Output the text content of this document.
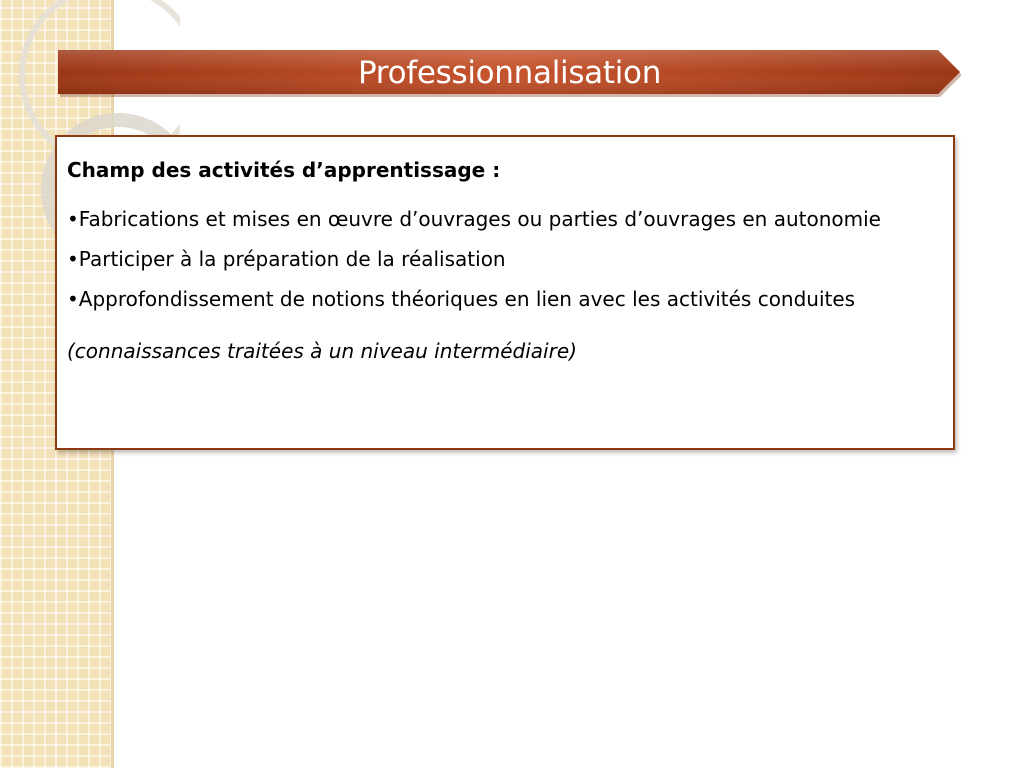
Professionnalisation
Champ des activités d’apprentissage :
•Fabrications et mises en œuvre d’ouvrages ou parties d’ouvrages en autonomie
•Participer à la préparation de la réalisation
•Approfondissement de notions théoriques en lien avec les activités conduites (connaissances traitées à un niveau intermédiaire)
